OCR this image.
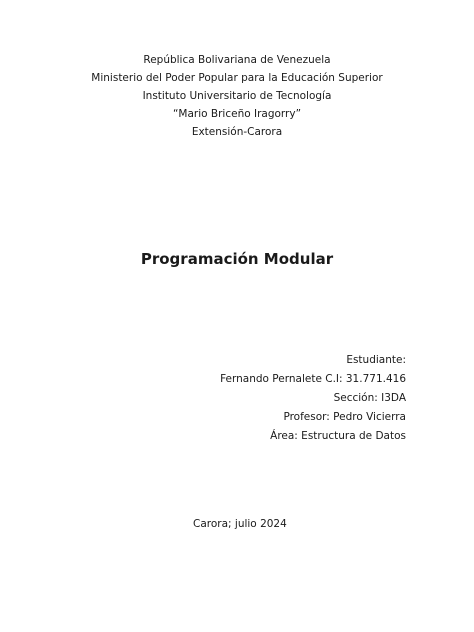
República Bolivariana de Venezuela
Ministerio del Poder Popular para la Educación Superior
Instituto Universitario de Tecnología
“Mario Briceño Iragorry”
Extensión-Carora
Programación Modular
Estudiante:
Fernando Pernalete C.I: 31.771.416
Sección: I3DA
Profesor: Pedro Vicierra
Área: Estructura de Datos
Carora; julio 2024
